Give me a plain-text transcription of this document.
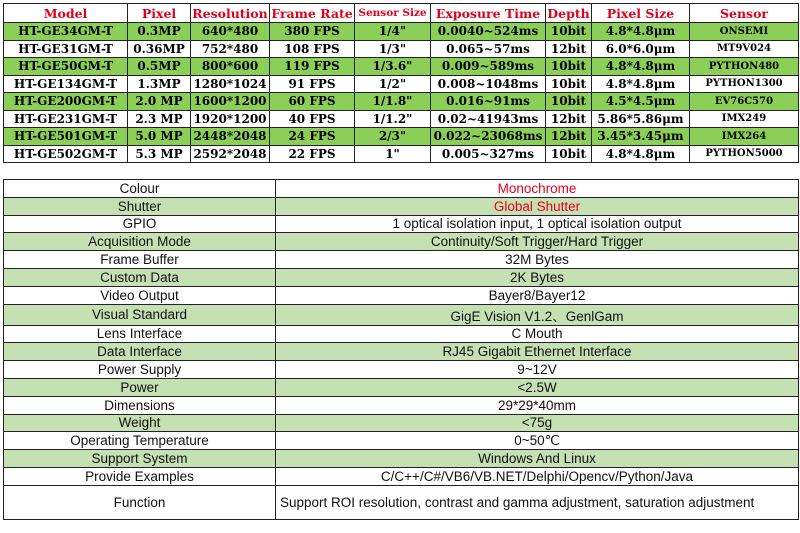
Model	Pixel	Resolution	Frame Rate	Sensor Size	Exposure Time	Depth	Pixel Size	Sensor
HT-GE34GM-T	0.3MP	640*480	380 FPS	1/4"	0.0040~524ms	10bit	4.8*4.8μm	ONSEMI
HT-GE31GM-T	0.36MP	752*480	108 FPS	1/3"	0.065~57ms	12bit	6.0*6.0μm	MT9V024
HT-GE50GM-T	0.5MP	800*600	119 FPS	1/3.6"	0.009~589ms	10bit	4.8*4.8μm	PYTHON480
HT-GE134GM-T	1.3MP	1280*1024	91 FPS	1/2"	0.008~1048ms	10bit	4.8*4.8μm	PYTHON1300
HT-GE200GM-T	2.0 MP	1600*1200	60 FPS	1/1.8"	0.016~91ms	10bit	4.5*4.5μm	EV76C570
HT-GE231GM-T	2.3 MP	1920*1200	40 FPS	1/1.2"	0.02~41943ms	12bit	5.86*5.86μm	IMX249
HT-GE501GM-T	5.0 MP	2448*2048	24 FPS	2/3"	0.022~23068ms	12bit	3.45*3.45μm	IMX264
HT-GE502GM-T	5.3 MP	2592*2048	22 FPS	1"	0.005~327ms	10bit	4.8*4.8μm	PYTHON5000
Colour	Monochrome
Shutter	Global Shutter
GPIO	1 optical isolation input, 1 optical isolation output
Acquisition Mode	Continuity/Soft Trigger/Hard Trigger
Frame Buffer	32M Bytes
Custom Data	2K Bytes
Video Output	Bayer8/Bayer12
Visual Standard	GigE Vision V1.2、GenlGam
Lens Interface	C Mouth
Data Interface	RJ45 Gigabit Ethernet Interface
Power Supply	9~12V
Power	<2.5W
Dimensions	29*29*40mm
Weight	<75g
Operating Temperature	0~50℃
Support System	Windows And Linux
Provide Examples	C/C++/C#/VB6/VB.NET/Delphi/Opencv/Python/Java
Function	Support ROI resolution, contrast and gamma adjustment, saturation adjustment
